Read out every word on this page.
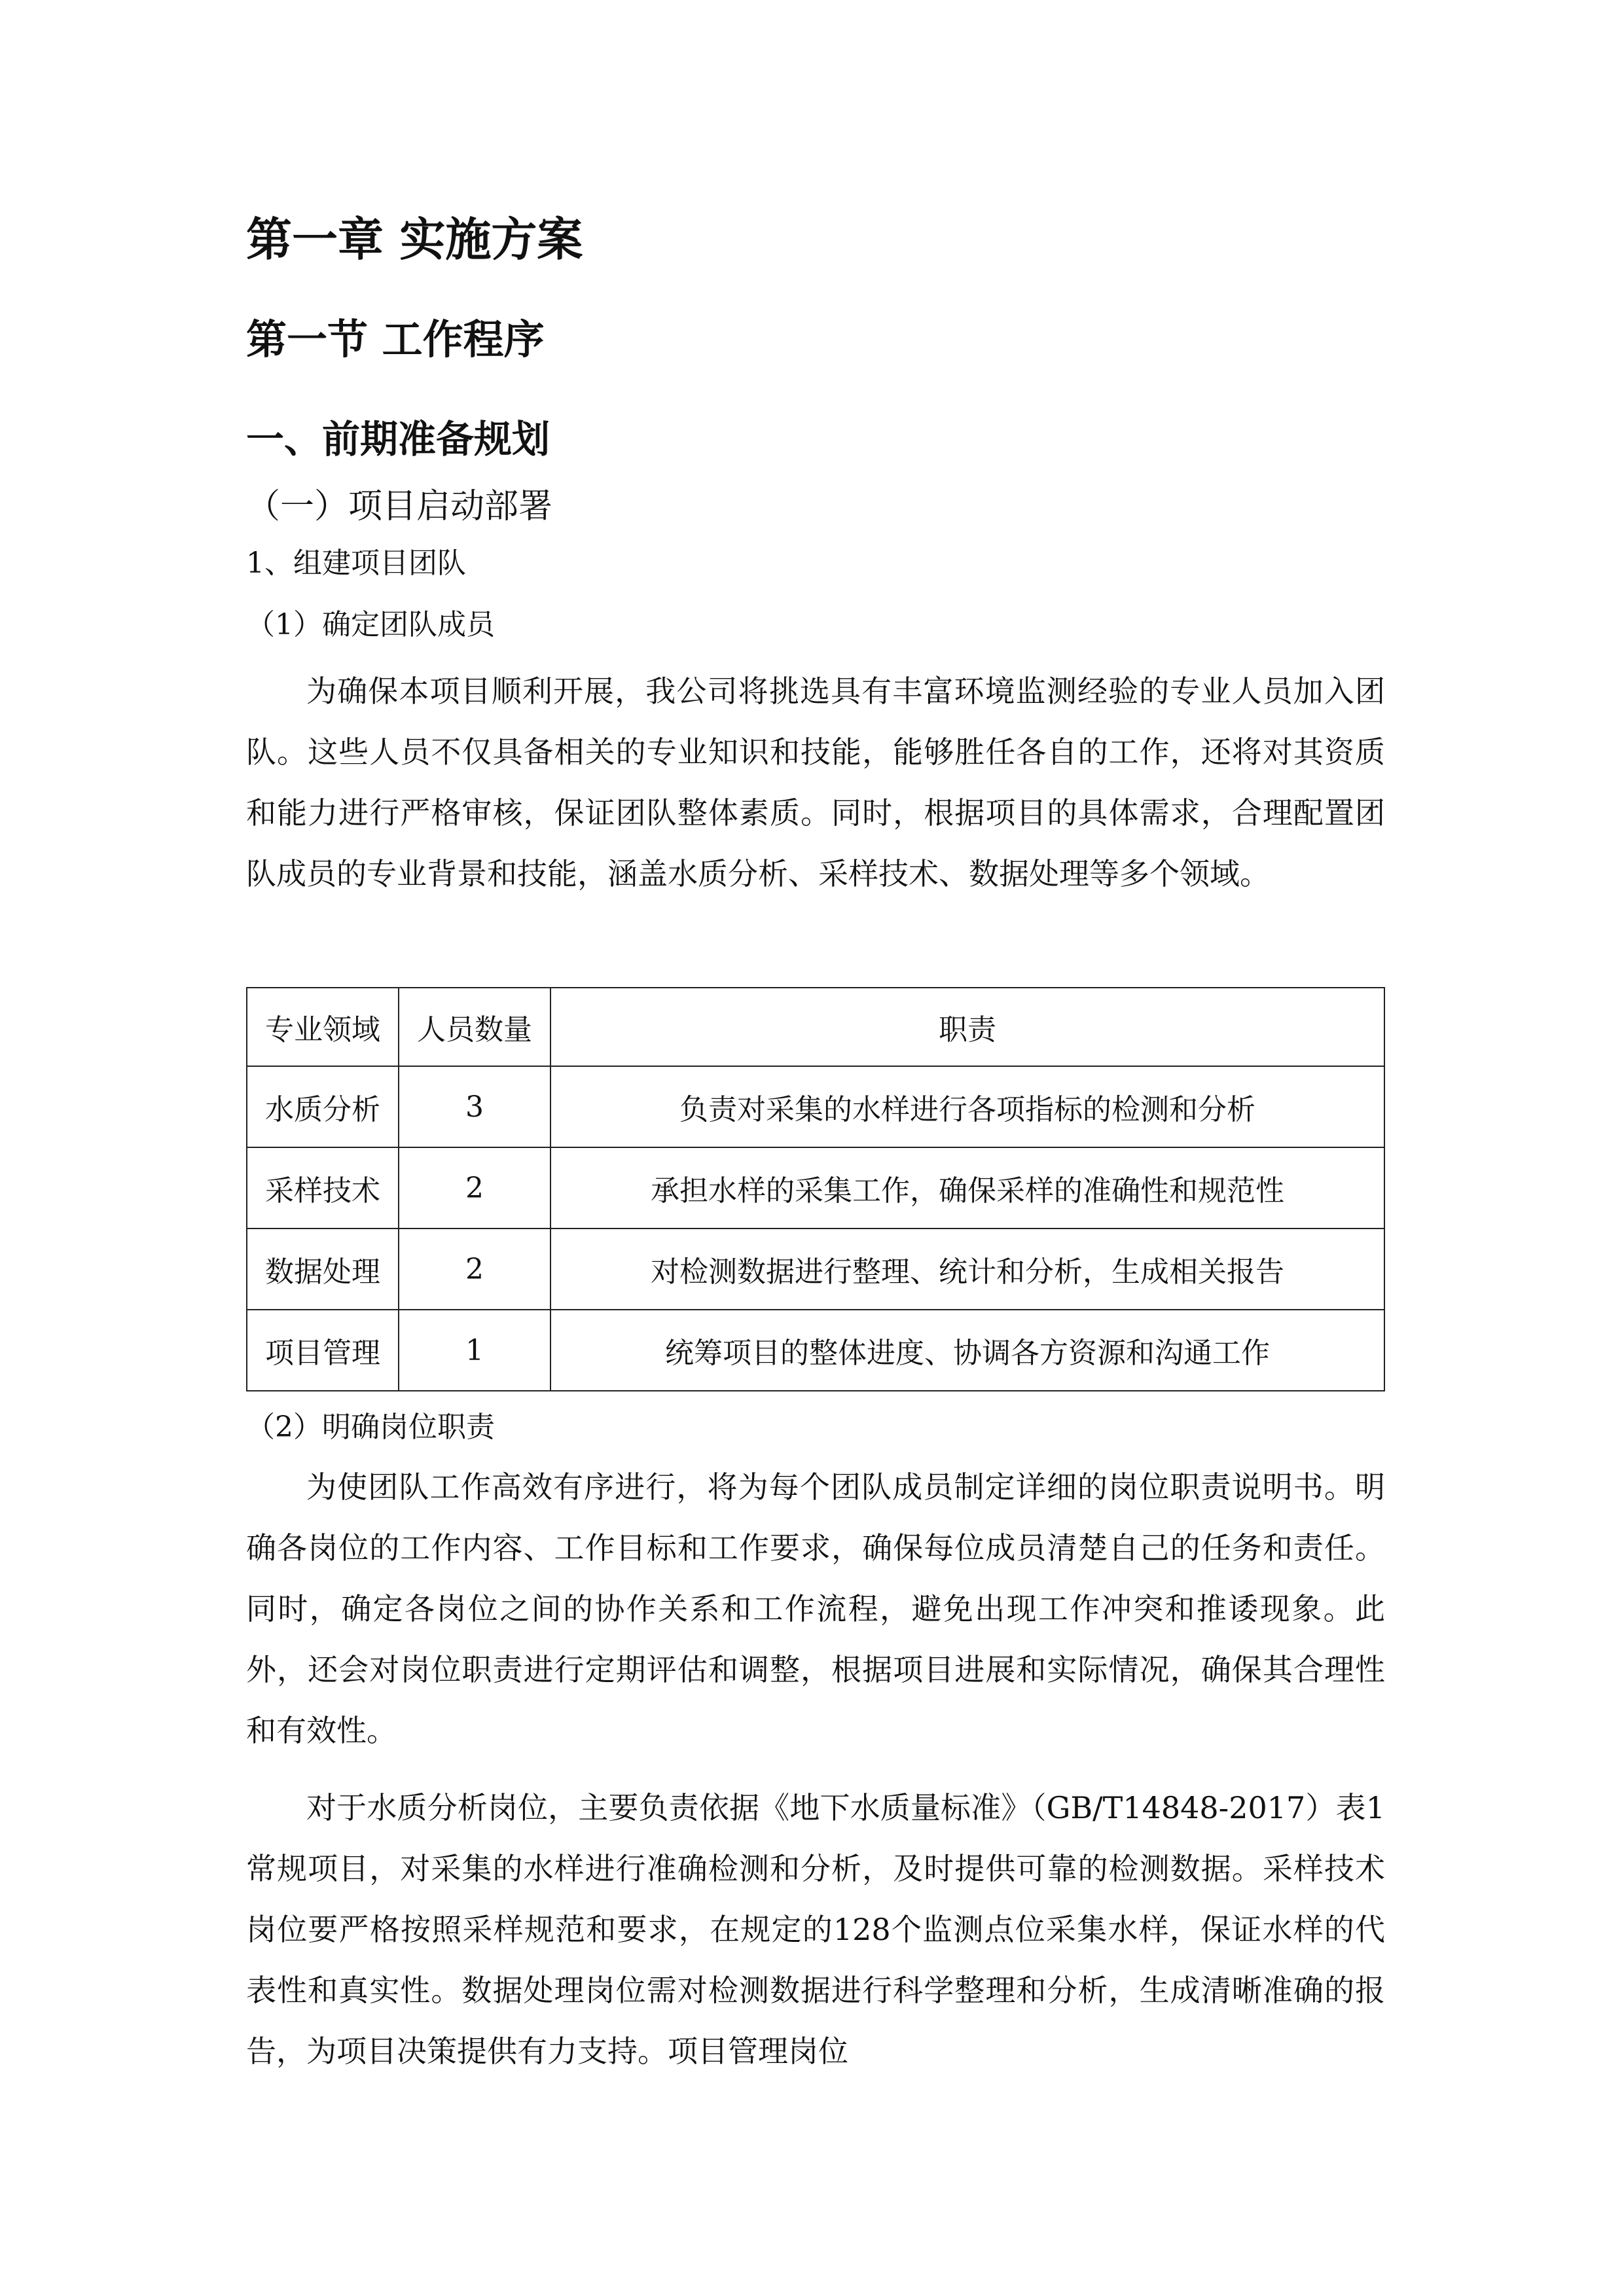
第一章 实施方案
第一节 工作程序
一、前期准备规划
（一）项目启动部署
1、组建项目团队
（1）确定团队成员

为确保本项目顺利开展，我公司将挑选具有丰富环境监测经验的专业人员加入团队。这些人员不仅具备相关的专业知识和技能，能够胜任各自的工作，还将对其资质和能力进行严格审核，保证团队整体素质。同时，根据项目的具体需求，合理配置团队成员的专业背景和技能，涵盖水质分析、采样技术、数据处理等多个领域。

专业领域	人员数量	职责
水质分析	3	负责对采集的水样进行各项指标的检测和分析
采样技术	2	承担水样的采集工作，确保采样的准确性和规范性
数据处理	2	对检测数据进行整理、统计和分析，生成相关报告
项目管理	1	统筹项目的整体进度、协调各方资源和沟通工作
（2）明确岗位职责

为使团队工作高效有序进行，将为每个团队成员制定详细的岗位职责说明书。明确各岗位的工作内容、工作目标和工作要求，确保每位成员清楚自己的任务和责任。同时，确定各岗位之间的协作关系和工作流程，避免出现工作冲突和推诿现象。此外，还会对岗位职责进行定期评估和调整，根据项目进展和实际情况，确保其合理性和有效性。

对于水质分析岗位，主要负责依据《地下水质量标准》（GB/T14848-2017）表1常规项目，对采集的水样进行准确检测和分析，及时提供可靠的检测数据。采样技术岗位要严格按照采样规范和要求，在规定的128个监测点位采集水样，保证水样的代表性和真实性。数据处理岗位需对检测数据进行科学整理和分析，生成清晰准确的报告，为项目决策提供有力支持。项目管理岗位
